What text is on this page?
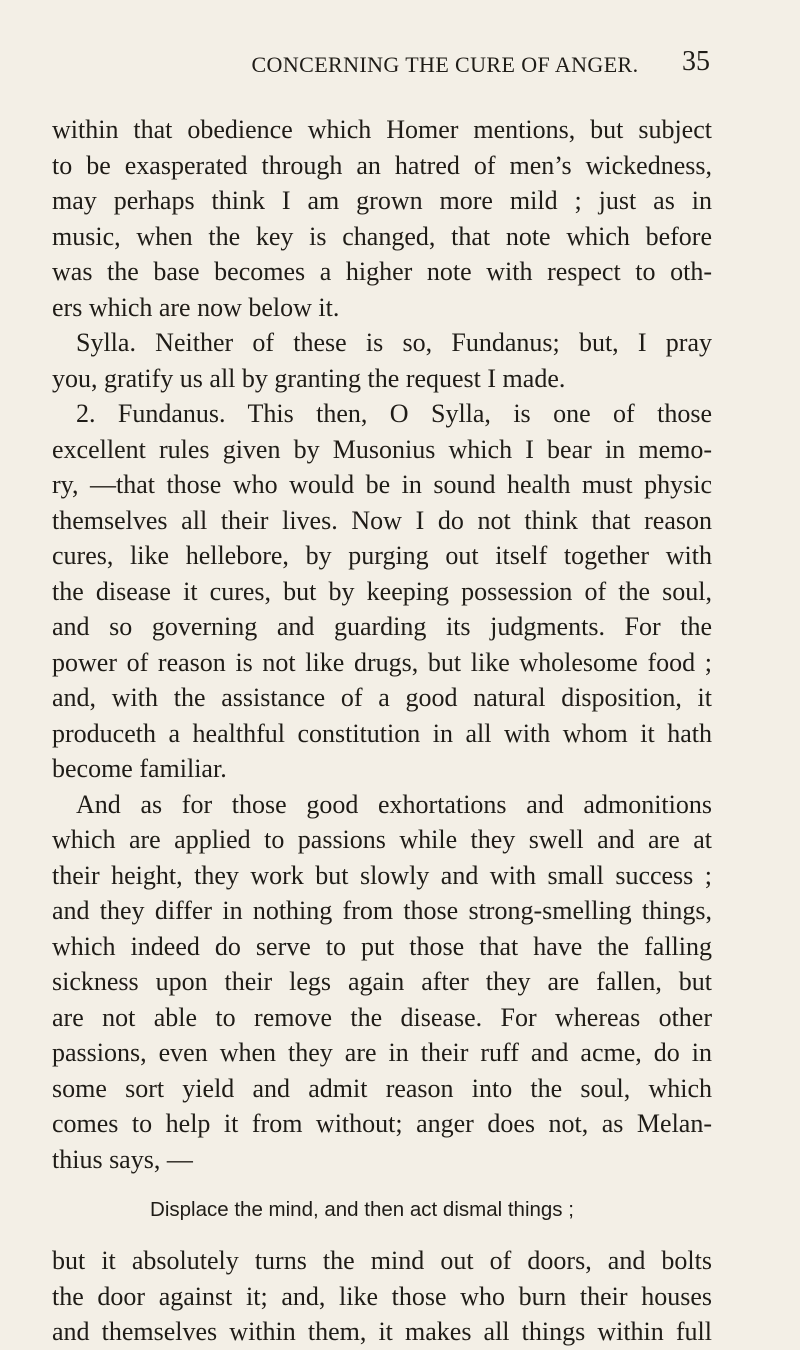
CONCERNING THE CURE OF ANGER.	35
within that obedience which Homer mentions, but subject
to be exasperated through an hatred of men’s wickedness,
may perhaps think I am grown more mild ; just as in
music, when the key is changed, that note which before
was the base becomes a higher note with respect to oth-
ers which are now below it.
Sylla. Neither of these is so, Fundanus; but, I pray
you, gratify us all by granting the request I made.
2. Fundanus. This then, O Sylla, is one of those
excellent rules given by Musonius which I bear in memo-
ry, —that those who would be in sound health must physic
themselves all their lives. Now I do not think that reason
cures, like hellebore, by purging out itself together with
the disease it cures, but by keeping possession of the soul,
and so governing and guarding its judgments. For the
power of reason is not like drugs, but like wholesome food ;
and, with the assistance of a good natural disposition, it
produceth a healthful constitution in all with whom it hath
become familiar.
And as for those good exhortations and admonitions
which are applied to passions while they swell and are at
their height, they work but slowly and with small success ;
and they differ in nothing from those strong-smelling things,
which indeed do serve to put those that have the falling
sickness upon their legs again after they are fallen, but
are not able to remove the disease. For whereas other
passions, even when they are in their ruff and acme, do in
some sort yield and admit reason into the soul, which
comes to help it from without; anger does not, as Melan-
thius says, —
Displace the mind, and then act dismal things ;
but it absolutely turns the mind out of doors, and bolts
the door against it; and, like those who burn their houses
and themselves within them, it makes all things within full
